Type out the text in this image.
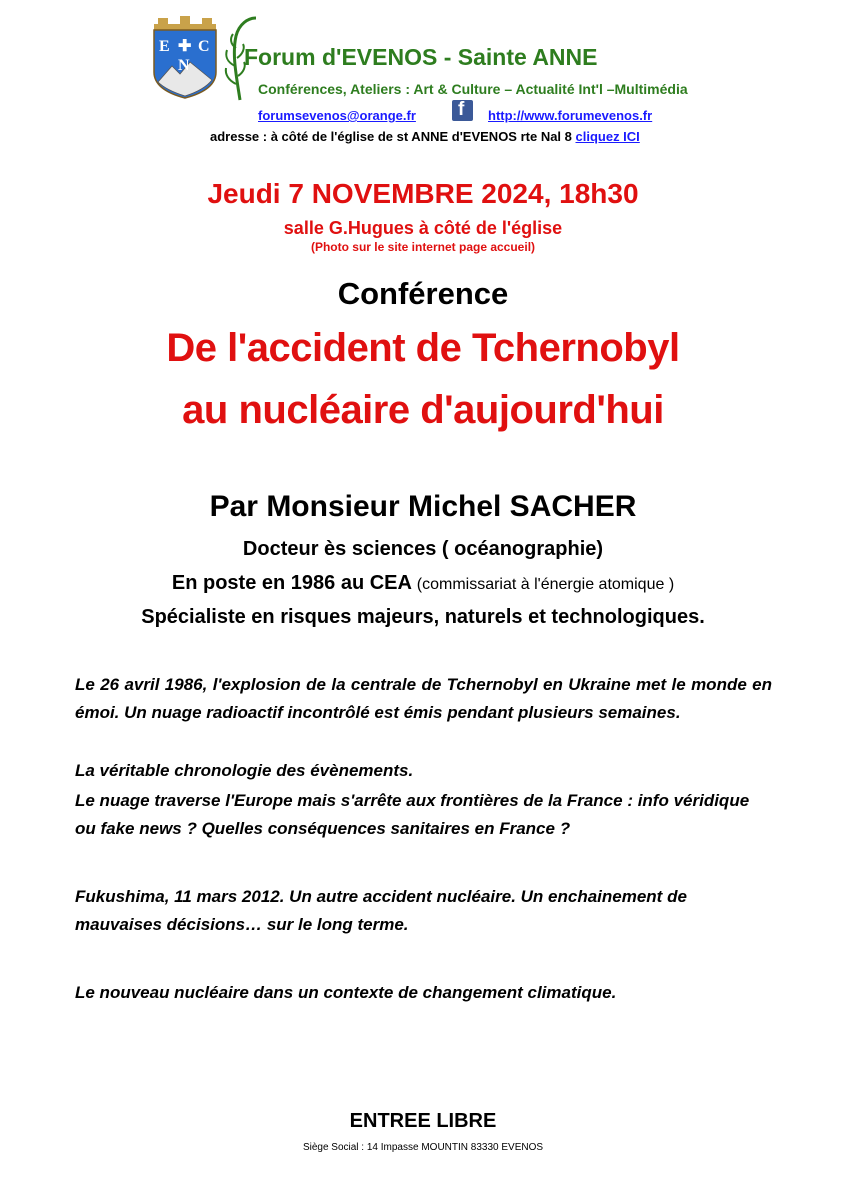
E ✚ C
N Forum d'EVENOS - Sainte ANNE
Conférences, Ateliers : Art & Culture – Actualité Int'l –Multimédia
forumsevenos@orange.fr f http://www.forumevenos.fr
adresse : à côté de l'église de st ANNE d'EVENOS rte Nal 8 cliquez ICI
Jeudi 7 NOVEMBRE 2024, 18h30
salle G.Hugues à côté de l'église
(Photo sur le site internet page accueil)
Conférence
De l'accident de Tchernobyl
au nucléaire d'aujourd'hui
Par Monsieur Michel SACHER
Docteur ès sciences ( océanographie)
En poste en 1986 au CEA (commissariat à l'énergie atomique )
Spécialiste en risques majeurs, naturels et technologiques.
Le 26 avril 1986, l'explosion de la centrale de Tchernobyl en Ukraine met le monde en émoi. Un nuage radioactif incontrôlé est émis pendant plusieurs semaines.
La véritable chronologie des évènements.
Le nuage traverse l'Europe mais s'arrête aux frontières de la France : info véridique ou fake news ? Quelles conséquences sanitaires en France ?
Fukushima, 11 mars 2012. Un autre accident nucléaire. Un enchainement de mauvaises décisions… sur le long terme.
Le nouveau nucléaire dans un contexte de changement climatique.
ENTREE LIBRE
Siège Social : 14 Impasse MOUNTIN 83330 EVENOS
